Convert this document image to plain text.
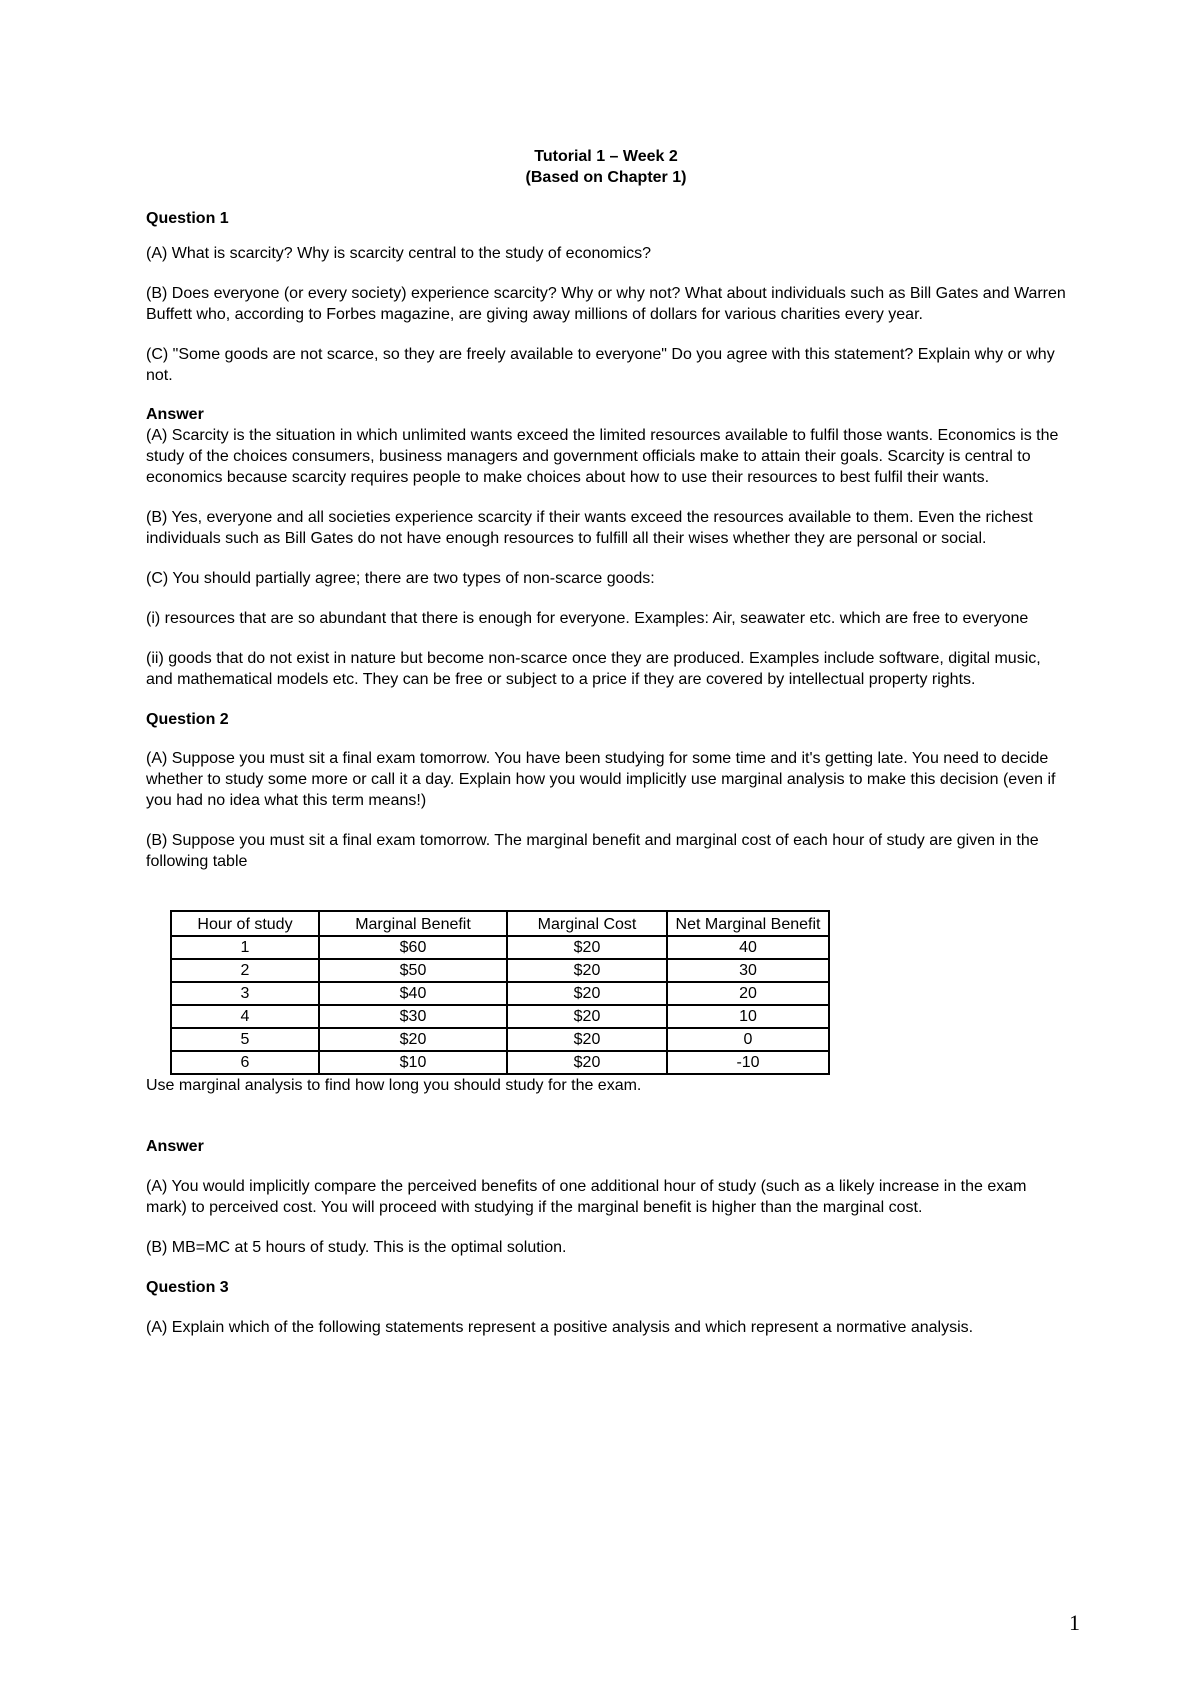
Tutorial 1 – Week 2

(Based on Chapter 1)

Question 1

(A) What is scarcity? Why is scarcity central to the study of economics?

(B) Does everyone (or every society) experience scarcity? Why or why not? What about individuals such as Bill Gates and Warren Buffett who, according to Forbes magazine, are giving away millions of dollars for various charities every year.

(C) "Some goods are not scarce, so they are freely available to everyone" Do you agree with this statement? Explain why or why not.

Answer

(A) Scarcity is the situation in which unlimited wants exceed the limited resources available to fulfil those wants. Economics is the study of the choices consumers, business managers and government officials make to attain their goals. Scarcity is central to economics because scarcity requires people to make choices about how to use their resources to best fulfil their wants.

(B) Yes, everyone and all societies experience scarcity if their wants exceed the resources available to them. Even the richest individuals such as Bill Gates do not have enough resources to fulfill all their wises whether they are personal or social.

(C) You should partially agree; there are two types of non-scarce goods:

(i) resources that are so abundant that there is enough for everyone. Examples: Air, seawater etc. which are free to everyone

(ii) goods that do not exist in nature but become non-scarce once they are produced. Examples include software, digital music, and mathematical models etc. They can be free or subject to a price if they are covered by intellectual property rights.

Question 2

(A) Suppose you must sit a final exam tomorrow. You have been studying for some time and it's getting late. You need to decide whether to study some more or call it a day. Explain how you would implicitly use marginal analysis to make this decision (even if you had no idea what this term means!)

(B) Suppose you must sit a final exam tomorrow. The marginal benefit and marginal cost of each hour of study are given in the following table

Hour of study	Marginal Benefit	Marginal Cost	Net Marginal Benefit
1	$60	$20	40
2	$50	$20	30
3	$40	$20	20
4	$30	$20	10
5	$20	$20	0
6	$10	$20	-10

Use marginal analysis to find how long you should study for the exam.

Answer

(A) You would implicitly compare the perceived benefits of one additional hour of study (such as a likely increase in the exam mark) to perceived cost. You will proceed with studying if the marginal benefit is higher than the marginal cost.

(B) MB=MC at 5 hours of study. This is the optimal solution.

Question 3

(A) Explain which of the following statements represent a positive analysis and which represent a normative analysis.

1
